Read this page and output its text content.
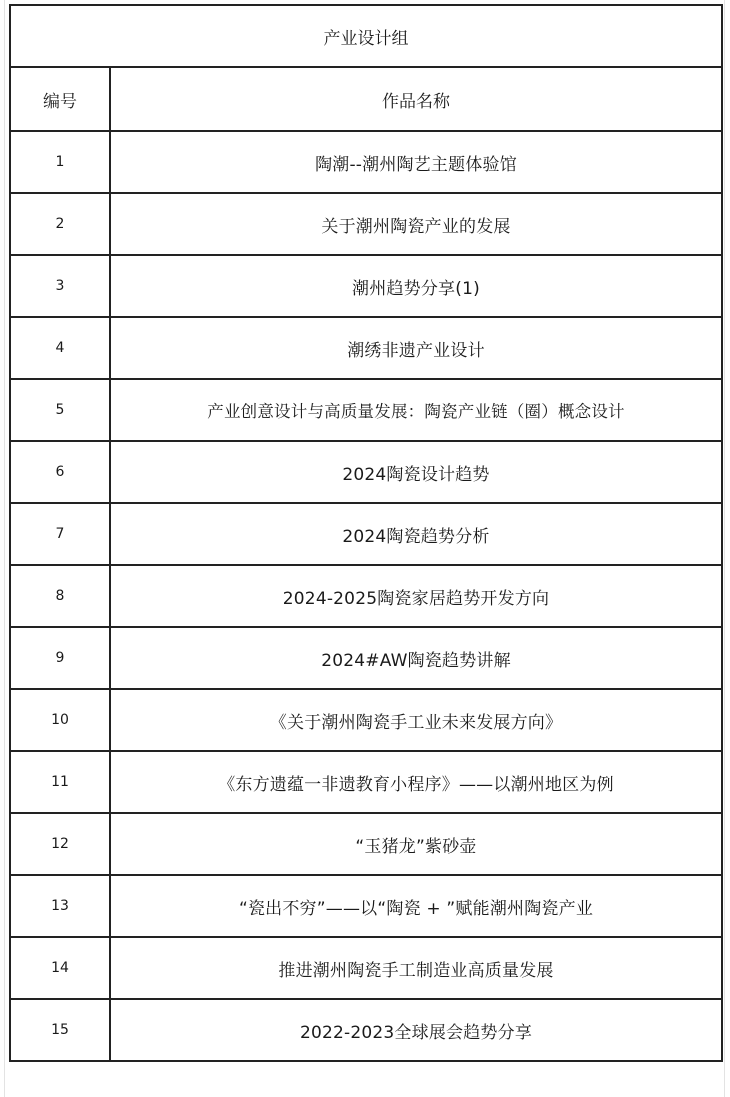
产业设计组	
编号	作品名称
1	陶潮--潮州陶艺主题体验馆
2	关于潮州陶瓷产业的发展
3	潮州趋势分享(1)
4	潮绣非遗产业设计
5	产业创意设计与高质量发展：陶瓷产业链（圈）概念设计
6	2024陶瓷设计趋势
7	2024陶瓷趋势分析
8	2024-2025陶瓷家居趋势开发方向
9	2024#AW陶瓷趋势讲解
10	《关于潮州陶瓷手工业未来发展方向》
11	《东方遗蕴一非遗教育小程序》——以潮州地区为例
12	“玉猪龙”紫砂壶
13	“瓷出不穷”——以“陶瓷 + ”赋能潮州陶瓷产业
14	推进潮州陶瓷手工制造业高质量发展
15	2022-2023全球展会趋势分享
